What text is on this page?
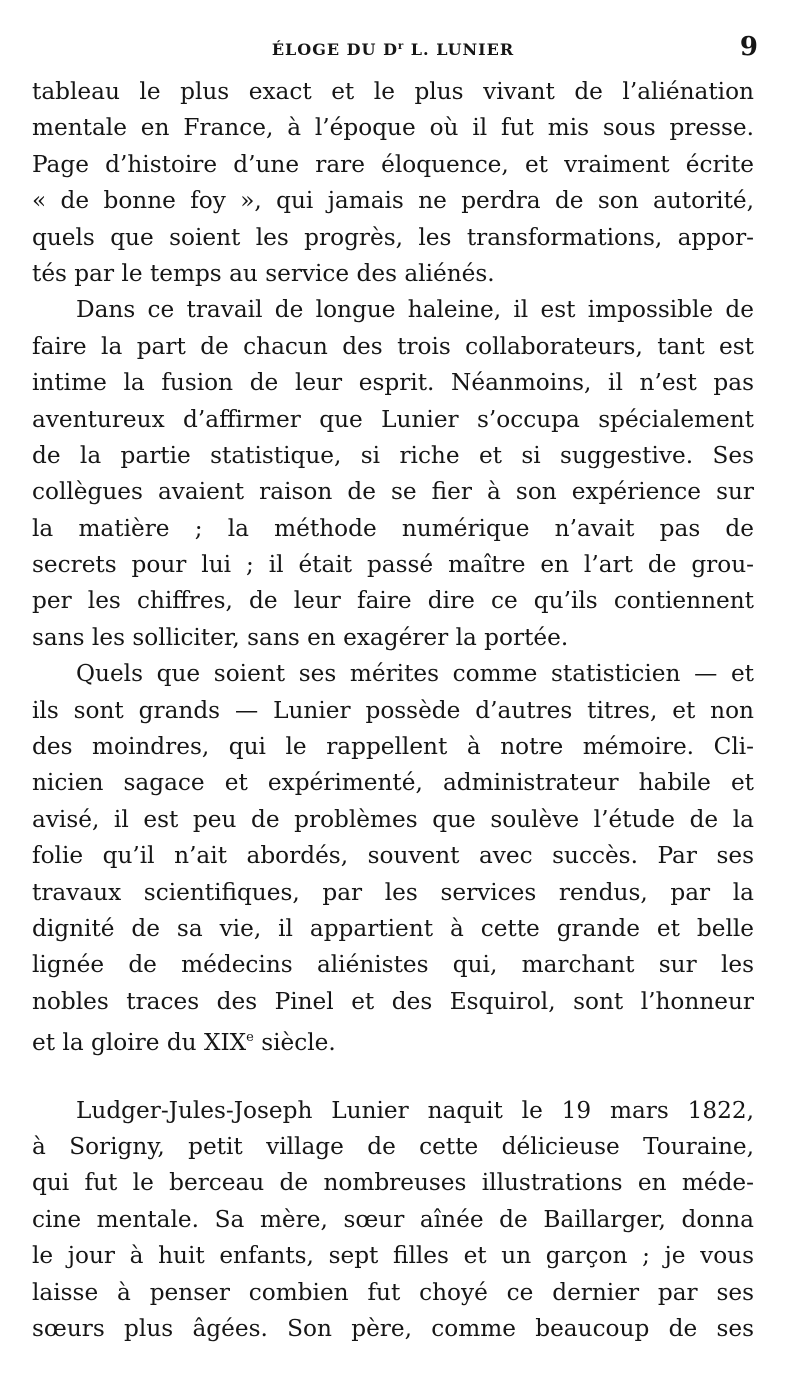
ÉLOGE DU $D^r$ L. LUNIER	9

tableau le plus exact et le plus vivant de l’aliénation
mentale en France, à l’époque où il fut mis sous presse.
Page d’histoire d’une rare éloquence, et vraiment écrite
« de bonne foy », qui jamais ne perdra de son autorité,
quels que soient les progrès, les transformations, appor-
tés par le temps au service des aliénés.

Dans ce travail de longue haleine, il est impossible de
faire la part de chacun des trois collaborateurs, tant est
intime la fusion de leur esprit. Néanmoins, il n’est pas
aventureux d’affirmer que Lunier s’occupa spécialement
de la partie statistique, si riche et si suggestive. Ses
collègues avaient raison de se fier à son expérience sur
la matière ; la méthode numérique n’avait pas de
secrets pour lui ; il était passé maître en l’art de grou-
per les chiffres, de leur faire dire ce qu’ils contiennent
sans les solliciter, sans en exagérer la portée.

Quels que soient ses mérites comme statisticien — et
ils sont grands — Lunier possède d’autres titres, et non
des moindres, qui le rappellent à notre mémoire. Cli-
nicien sagace et expérimenté, administrateur habile et
avisé, il est peu de problèmes que soulève l’étude de la
folie qu’il n’ait abordés, souvent avec succès. Par ses
travaux scientifiques, par les services rendus, par la
dignité de sa vie, il appartient à cette grande et belle
lignée de médecins aliénistes qui, marchant sur les
nobles traces des Pinel et des Esquirol, sont l’honneur
et la gloire du XIXe siècle.

Ludger-Jules-Joseph Lunier naquit le 19 mars 1822,
à Sorigny, petit village de cette délicieuse Touraine,
qui fut le berceau de nombreuses illustrations en méde-
cine mentale. Sa mère, sœur aînée de Baillarger, donna
le jour à huit enfants, sept filles et un garçon ; je vous
laisse à penser combien fut choyé ce dernier par ses
sœurs plus âgées. Son père, comme beaucoup de ses
